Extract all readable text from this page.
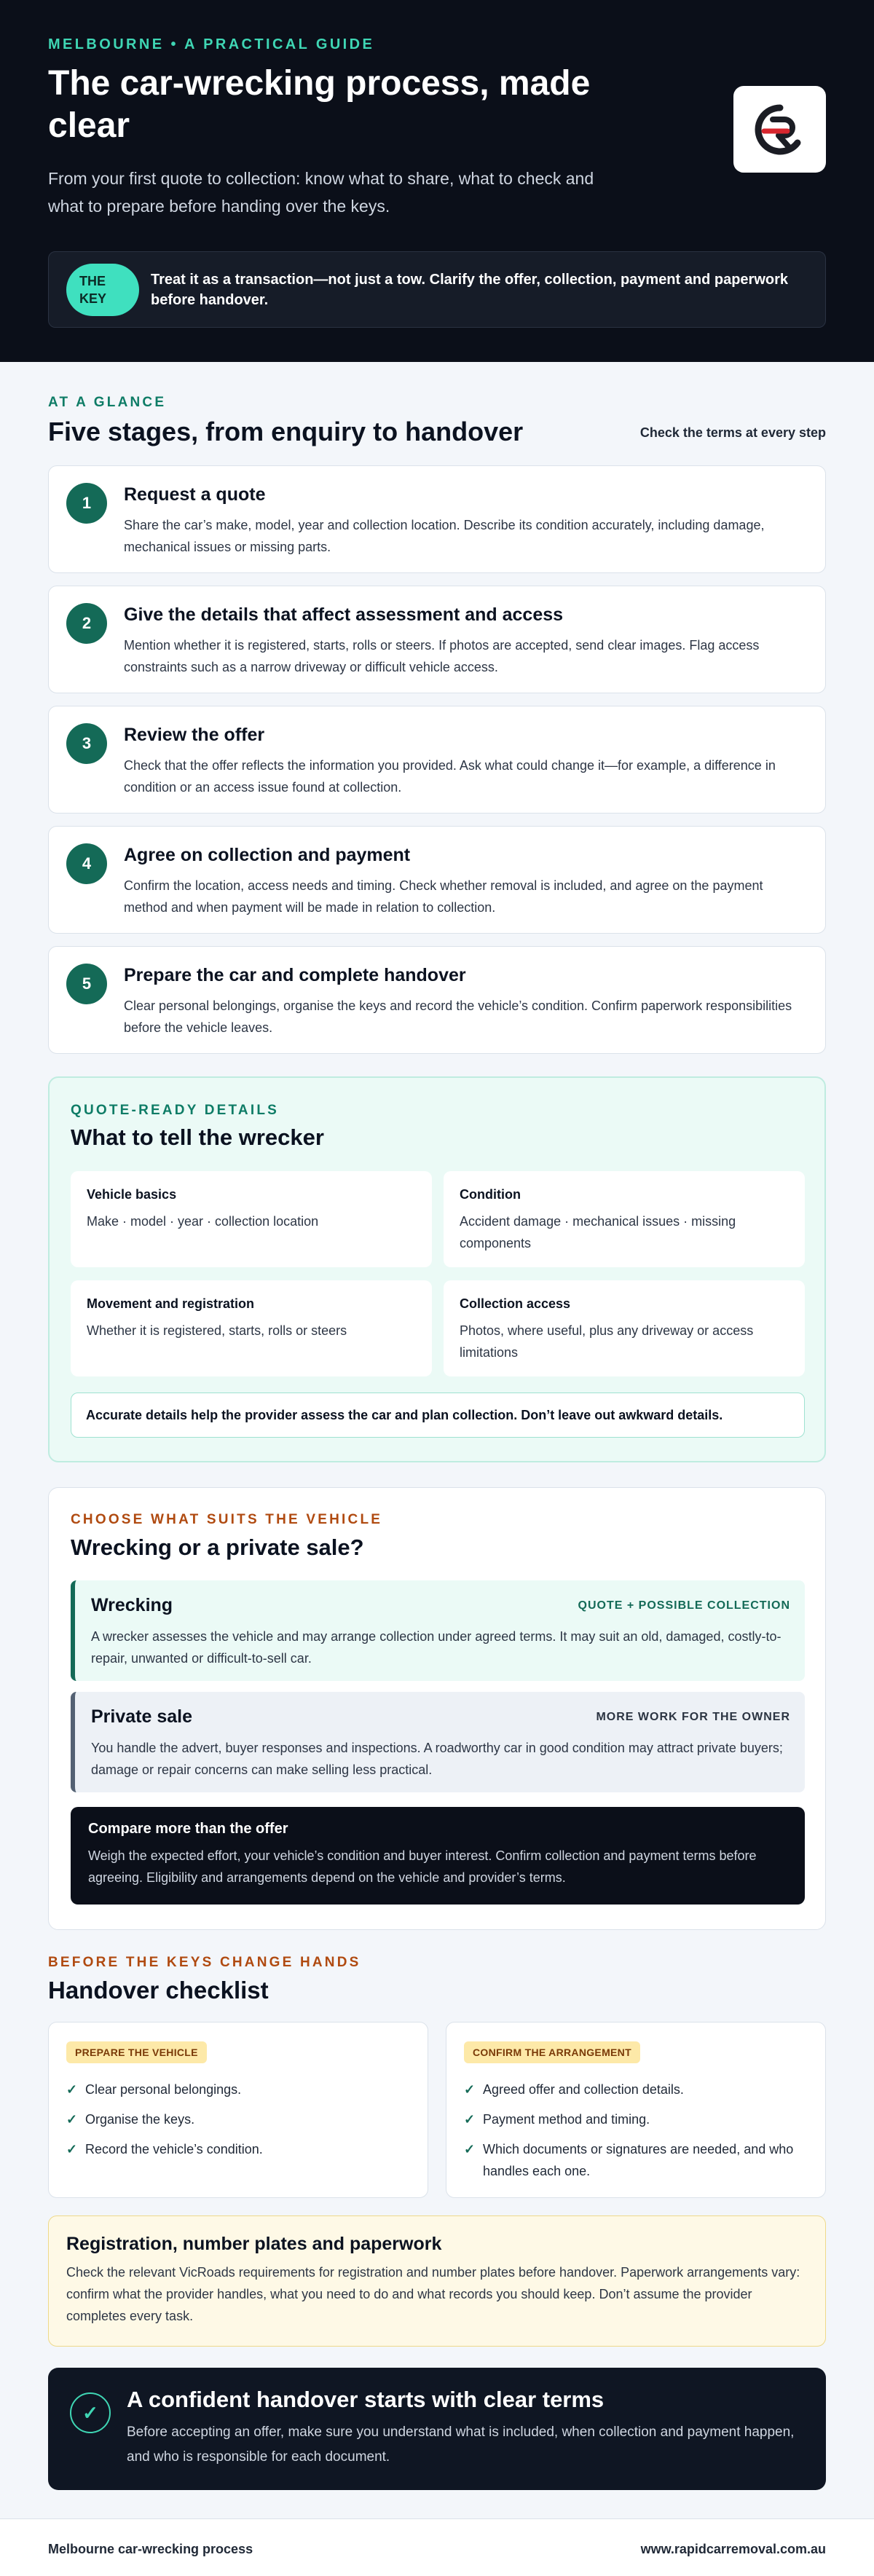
MELBOURNE • A PRACTICAL GUIDE
The car-wrecking process, made clear

From your first quote to collection: know what to share, what to check and what to prepare before handing over the keys.

THE KEY
Treat it as a transaction—not just a tow. Clarify the offer, collection, payment and paperwork before handover.
AT A GLANCE
Five stages, from enquiry to handover	Check the terms at every step
1	Request a quote
Share the car’s make, model, year and collection location. Describe its condition accurately, including damage, mechanical issues or missing parts.
2	Give the details that affect assessment and access
Mention whether it is registered, starts, rolls or steers. If photos are accepted, send clear images. Flag access constraints such as a narrow driveway or difficult vehicle access.
3	Review the offer
Check that the offer reflects the information you provided. Ask what could change it—for example, a difference in condition or an access issue found at collection.
4	Agree on collection and payment
Confirm the location, access needs and timing. Check whether removal is included, and agree on the payment method and when payment will be made in relation to collection.
5	Prepare the car and complete handover
Clear personal belongings, organise the keys and record the vehicle’s condition. Confirm paperwork responsibilities before the vehicle leaves.
QUOTE-READY DETAILS
What to tell the wrecker
Vehicle basics

Make · model · year · collection location

Condition

Accident damage · mechanical issues · missing components

Movement and registration

Whether it is registered, starts, rolls or steers

Collection access

Photos, where useful, plus any driveway or access limitations

Accurate details help the provider assess the car and plan collection. Don’t leave out awkward details.
CHOOSE WHAT SUITS THE VEHICLE
Wrecking or a private sale?
Wrecking	QUOTE + POSSIBLE COLLECTION

A wrecker assesses the vehicle and may arrange collection under agreed terms. It may suit an old, damaged, costly-to-repair, unwanted or difficult-to-sell car.

Private sale	MORE WORK FOR THE OWNER

You handle the advert, buyer responses and inspections. A roadworthy car in good condition may attract private buyers; damage or repair concerns can make selling less practical.

Compare more than the offer

Weigh the expected effort, your vehicle’s condition and buyer interest. Confirm collection and payment terms before agreeing. Eligibility and arrangements depend on the vehicle and provider’s terms.

BEFORE THE KEYS CHANGE HANDS
Handover checklist
PREPARE THE VEHICLE
✓ Clear personal belongings.
✓ Organise the keys.
✓ Record the vehicle’s condition.
CONFIRM THE ARRANGEMENT
✓ Agreed offer and collection details.
✓ Payment method and timing.
✓ Which documents or signatures are needed, and who handles each one.
Registration, number plates and paperwork

Check the relevant VicRoads requirements for registration and number plates before handover. Paperwork arrangements vary: confirm what the provider handles, what you need to do and what records you should keep. Don’t assume the provider completes every task.

✓
A confident handover starts with clear terms

Before accepting an offer, make sure you understand what is included, when collection and payment happen, and who is responsible for each document.

Melbourne car-wrecking process	www.rapidcarremoval.com.au
